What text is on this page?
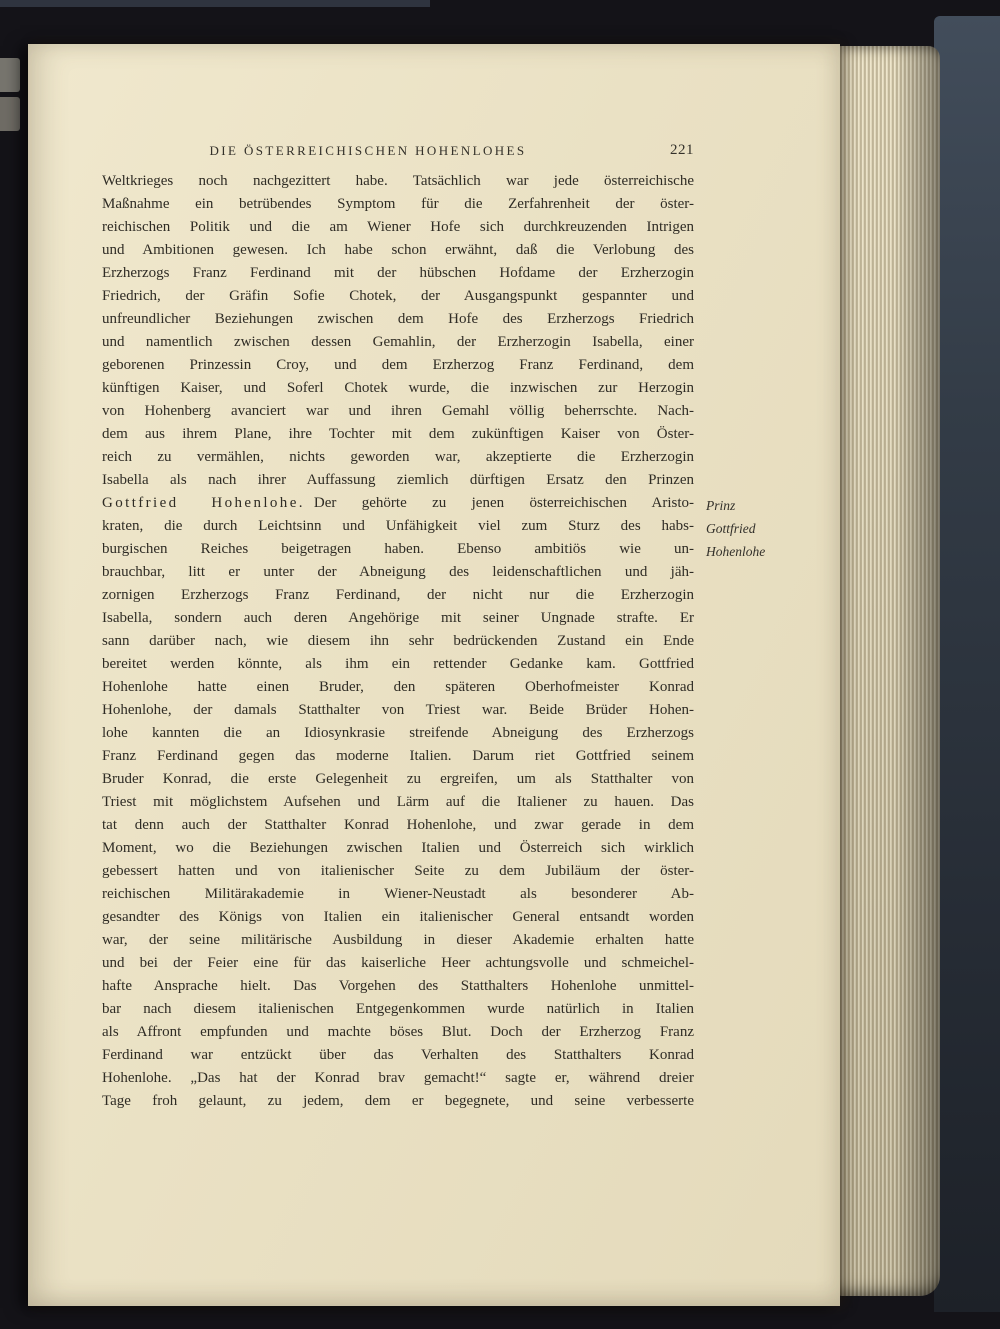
DIE ÖSTERREICHISCHEN HOHENLOHES	221
Weltkrieges noch nachgezittert habe. Tatsächlich war jede österreichische
Maßnahme ein betrübendes Symptom für die Zerfahrenheit der öster-
reichischen Politik und die am Wiener Hofe sich durchkreuzenden Intrigen
und Ambitionen gewesen. Ich habe schon erwähnt, daß die Verlobung des
Erzherzogs Franz Ferdinand mit der hübschen Hofdame der Erzherzogin
Friedrich, der Gräfin Sofie Chotek, der Ausgangspunkt gespannter und
unfreundlicher Beziehungen zwischen dem Hofe des Erzherzogs Friedrich
und namentlich zwischen dessen Gemahlin, der Erzherzogin Isabella, einer
geborenen Prinzessin Croy, und dem Erzherzog Franz Ferdinand, dem
künftigen Kaiser, und Soferl Chotek wurde, die inzwischen zur Herzogin
von Hohenberg avanciert war und ihren Gemahl völlig beherrschte. Nach-
dem aus ihrem Plane, ihre Tochter mit dem zukünftigen Kaiser von Öster-
reich zu vermählen, nichts geworden war, akzeptierte die Erzherzogin
Isabella als nach ihrer Auffassung ziemlich dürftigen Ersatz den Prinzen
Gottfried Hohenlohe. Der gehörte zu jenen österreichischen Aristo-
kraten, die durch Leichtsinn und Unfähigkeit viel zum Sturz des habs-
burgischen Reiches beigetragen haben. Ebenso ambitiös wie un-
brauchbar, litt er unter der Abneigung des leidenschaftlichen und jäh-
zornigen Erzherzogs Franz Ferdinand, der nicht nur die Erzherzogin
Isabella, sondern auch deren Angehörige mit seiner Ungnade strafte. Er
sann darüber nach, wie diesem ihn sehr bedrückenden Zustand ein Ende
bereitet werden könnte, als ihm ein rettender Gedanke kam. Gottfried
Hohenlohe hatte einen Bruder, den späteren Oberhofmeister Konrad
Hohenlohe, der damals Statthalter von Triest war. Beide Brüder Hohen-
lohe kannten die an Idiosynkrasie streifende Abneigung des Erzherzogs
Franz Ferdinand gegen das moderne Italien. Darum riet Gottfried seinem
Bruder Konrad, die erste Gelegenheit zu ergreifen, um als Statthalter von
Triest mit möglichstem Aufsehen und Lärm auf die Italiener zu hauen. Das
tat denn auch der Statthalter Konrad Hohenlohe, und zwar gerade in dem
Moment, wo die Beziehungen zwischen Italien und Österreich sich wirklich
gebessert hatten und von italienischer Seite zu dem Jubiläum der öster-
reichischen Militärakademie in Wiener-Neustadt als besonderer Ab-
gesandter des Königs von Italien ein italienischer General entsandt worden
war, der seine militärische Ausbildung in dieser Akademie erhalten hatte
und bei der Feier eine für das kaiserliche Heer achtungsvolle und schmeichel-
hafte Ansprache hielt. Das Vorgehen des Statthalters Hohenlohe unmittel-
bar nach diesem italienischen Entgegenkommen wurde natürlich in Italien
als Affront empfunden und machte böses Blut. Doch der Erzherzog Franz
Ferdinand war entzückt über das Verhalten des Statthalters Konrad
Hohenlohe. „Das hat der Konrad brav gemacht!“ sagte er, während dreier
Tage froh gelaunt, zu jedem, dem er begegnete, und seine verbesserte
Prinz
Gottfried
Hohenlohe
